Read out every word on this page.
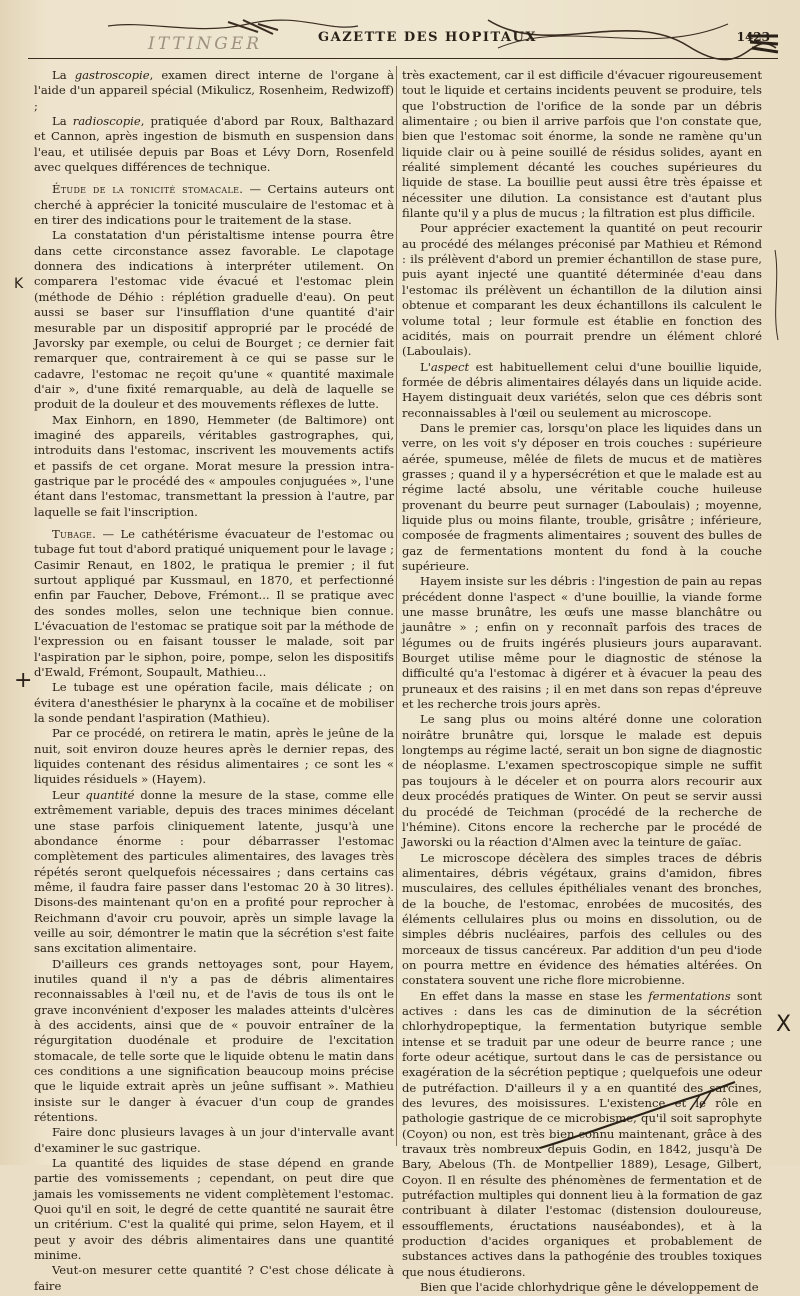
ITTINGER	GAZETTE DES HOPITAUX	1423

La gastroscopie, examen direct interne de l'organe à l'aide d'un appareil spécial (Mikulicz, Rosenheim, Redwizoff) ;

La radioscopie, pratiquée d'abord par Roux, Balthazard et Cannon, après ingestion de bismuth en suspension dans l'eau, et utilisée depuis par Boas et Lévy Dorn, Rosenfeld avec quelques différences de technique.

Étude de la tonicité stomacale. — Certains auteurs ont cherché à apprécier la tonicité musculaire de l'estomac et à en tirer des indications pour le traitement de la stase.

La constatation d'un péristaltisme intense pourra être dans cette circonstance assez favorable. Le clapotage donnera des indications à interpréter utilement. On comparera l'estomac vide évacué et l'estomac plein (méthode de Déhio : réplétion graduelle d'eau). On peut aussi se baser sur l'insufflation d'une quantité d'air mesurable par un dispositif approprié par le procédé de Javorsky par exemple, ou celui de Bourget ; ce dernier fait remarquer que, contrairement à ce qui se passe sur le cadavre, l'estomac ne reçoit qu'une « quantité maximale d'air », d'une fixité remarquable, au delà de laquelle se produit de la douleur et des mouvements réflexes de lutte.

Max Einhorn, en 1890, Hemmeter (de Baltimore) ont imaginé des appareils, véritables gastrographes, qui, introduits dans l'estomac, inscrivent les mouvements actifs et passifs de cet organe. Morat mesure la pression intra-gastrique par le procédé des « ampoules conjuguées », l'une étant dans l'estomac, transmettant la pression à l'autre, par laquelle se fait l'inscription.

Tubage. — Le cathétérisme évacuateur de l'estomac ou tubage fut tout d'abord pratiqué uniquement pour le lavage ; Casimir Renaut, en 1802, le pratiqua le premier ; il fut surtout appliqué par Kussmaul, en 1870, et perfectionné enfin par Faucher, Debove, Frémont... Il se pratique avec des sondes molles, selon une technique bien connue. L'évacuation de l'estomac se pratique soit par la méthode de l'expression ou en faisant tousser le malade, soit par l'aspiration par le siphon, poire, pompe, selon les dispositifs d'Ewald, Frémont, Soupault, Mathieu...

Le tubage est une opération facile, mais délicate ; on évitera d'anesthésier le pharynx à la cocaïne et de mobiliser la sonde pendant l'aspiration (Mathieu).

Par ce procédé, on retirera le matin, après le jeûne de la nuit, soit environ douze heures après le dernier repas, des liquides contenant des résidus alimentaires ; ce sont les « liquides résiduels » (Hayem).

Leur quantité donne la mesure de la stase, comme elle extrêmement variable, depuis des traces minimes décelant une stase parfois cliniquement latente, jusqu'à une abondance énorme : pour débarrasser l'estomac complètement des particules alimentaires, des lavages très répétés seront quelquefois nécessaires ; dans certains cas même, il faudra faire passer dans l'estomac 20 à 30 litres). Disons-des maintenant qu'on en a profité pour reprocher à Reichmann d'avoir cru pouvoir, après un simple lavage la veille au soir, démontrer le matin que la sécrétion s'est faite sans excitation alimentaire.

D'ailleurs ces grands nettoyages sont, pour Hayem, inutiles quand il n'y a pas de débris alimentaires reconnaissables à l'œil nu, et de l'avis de tous ils ont le grave inconvénient d'exposer les malades atteints d'ulcères à des accidents, ainsi que de « pouvoir entraîner de la régurgitation duodénale et produire de l'excitation stomacale, de telle sorte que le liquide obtenu le matin dans ces conditions a une signification beaucoup moins précise que le liquide extrait après un jeûne suffisant ». Mathieu insiste sur le danger à évacuer d'un coup de grandes rétentions.

Faire donc plusieurs lavages à un jour d'intervalle avant d'examiner le suc gastrique.

La quantité des liquides de stase dépend en grande partie des vomissements ; cependant, on peut dire que jamais les vomissements ne vident complètement l'estomac. Quoi qu'il en soit, le degré de cette quantité ne saurait être un critérium. C'est la qualité qui prime, selon Hayem, et il peut y avoir des débris alimentaires dans une quantité minime.

Veut-on mesurer cette quantité ? C'est chose délicate à faire

très exactement, car il est difficile d'évacuer rigoureusement tout le liquide et certains incidents peuvent se produire, tels que l'obstruction de l'orifice de la sonde par un débris alimentaire ; ou bien il arrive parfois que l'on constate que, bien que l'estomac soit énorme, la sonde ne ramène qu'un liquide clair ou à peine souillé de résidus solides, ayant en réalité simplement décanté les couches supérieures du liquide de stase. La bouillie peut aussi être très épaisse et nécessiter une dilution. La consistance est d'autant plus filante qu'il y a plus de mucus ; la filtration est plus difficile.

Pour apprécier exactement la quantité on peut recourir au procédé des mélanges préconisé par Mathieu et Rémond : ils prélèvent d'abord un premier échantillon de stase pure, puis ayant injecté une quantité déterminée d'eau dans l'estomac ils prélèvent un échantillon de la dilution ainsi obtenue et comparant les deux échantillons ils calculent le volume total ; leur formule est établie en fonction des acidités, mais on pourrait prendre un élément chloré (Laboulais).

L'aspect est habituellement celui d'une bouillie liquide, formée de débris alimentaires délayés dans un liquide acide. Hayem distinguait deux variétés, selon que ces débris sont reconnaissables à l'œil ou seulement au microscope.

Dans le premier cas, lorsqu'on place les liquides dans un verre, on les voit s'y déposer en trois couches : supérieure aérée, spumeuse, mêlée de filets de mucus et de matières grasses ; quand il y a hypersécrétion et que le malade est au régime lacté absolu, une véritable couche huileuse provenant du beurre peut surnager (Laboulais) ; moyenne, liquide plus ou moins filante, trouble, grisâtre ; inférieure, composée de fragments alimentaires ; souvent des bulles de gaz de fermentations montent du fond à la couche supérieure.

Hayem insiste sur les débris : l'ingestion de pain au repas précédent donne l'aspect « d'une bouillie, la viande forme une masse brunâtre, les œufs une masse blanchâtre ou jaunâtre » ; enfin on y reconnaît parfois des traces de légumes ou de fruits ingérés plusieurs jours auparavant. Bourget utilise même pour le diagnostic de sténose la difficulté qu'a l'estomac à digérer et à évacuer la peau des pruneaux et des raisins ; il en met dans son repas d'épreuve et les recherche trois jours après.

Le sang plus ou moins altéré donne une coloration noirâtre brunâtre qui, lorsque le malade est depuis longtemps au régime lacté, serait un bon signe de diagnostic de néoplasme. L'examen spectroscopique simple ne suffit pas toujours à le déceler et on pourra alors recourir aux deux procédés pratiques de Winter. On peut se servir aussi du procédé de Teichman (procédé de la recherche de l'hémine). Citons encore la recherche par le procédé de Jaworski ou la réaction d'Almen avec la teinture de gaïac.

Le microscope décèlera des simples traces de débris alimentaires, débris végétaux, grains d'amidon, fibres musculaires, des cellules épithéliales venant des bronches, de la bouche, de l'estomac, enrobées de mucosités, des éléments cellulaires plus ou moins en dissolution, ou de simples débris nucléaires, parfois des cellules ou des morceaux de tissus cancéreux. Par addition d'un peu d'iode on pourra mettre en évidence des hématies altérées. On constatera souvent une riche flore microbienne.

En effet dans la masse en stase les fermentations sont actives : dans les cas de diminution de la sécrétion chlorhydropeptique, la fermentation butyrique semble intense et se traduit par une odeur de beurre rance ; une forte odeur acétique, surtout dans le cas de persistance ou exagération de la sécrétion peptique ; quelquefois une odeur de putréfaction. D'ailleurs il y a en quantité des sarcines, des levures, des moisissures. L'existence et le rôle en pathologie gastrique de ce microbisme, qu'il soit saprophyte (Coyon) ou non, est très bien connu maintenant, grâce à des travaux très nombreux depuis Godin, en 1842, jusqu'à De Bary, Abelous (Th. de Montpellier 1889), Lesage, Gilbert, Coyon. Il en résulte des phénomènes de fermentation et de putréfaction multiples qui donnent lieu à la formation de gaz contribuant à dilater l'estomac (distension douloureuse, essoufflements, éructations nauséabondes), et à la production d'acides organiques et probablement de substances actives dans la pathogénie des troubles toxiques que nous étudierons.

Bien que l'acide chlorhydrique gêne le développement de

K
+
X
